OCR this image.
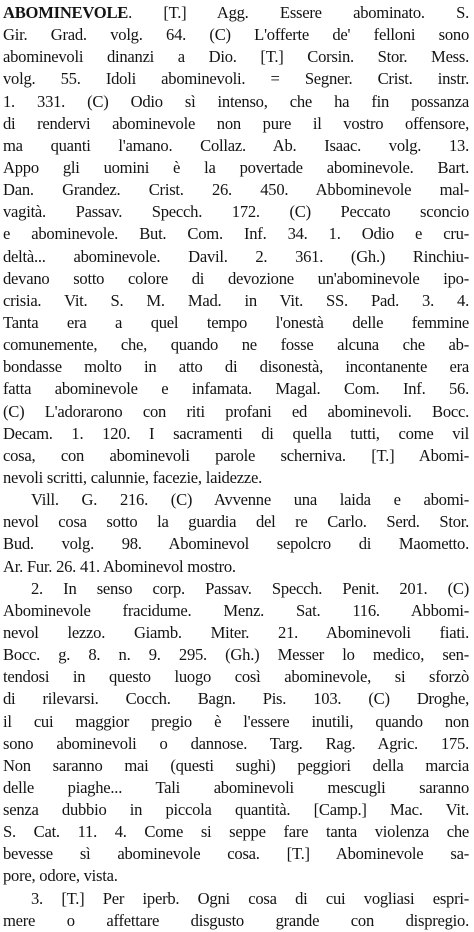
ABOMINEVOLE. [T.] Agg. Essere abominato. S.
Gir. Grad. volg. 64. (C) L'offerte de' felloni sono
abominevoli dinanzi a Dio. [T.] Corsin. Stor. Mess.
volg. 55. Idoli abominevoli. = Segner. Crist. instr.
1. 331. (C) Odio sì intenso, che ha fin possanza
di rendervi abominevole non pure il vostro offensore,
ma quanti l'amano. Collaz. Ab. Isaac. volg. 13.
Appo gli uomini è la povertade abominevole. Bart.
Dan. Grandez. Crist. 26. 450. Abbominevole mal-
vagità. Passav. Specch. 172. (C) Peccato sconcio
e abominevole. But. Com. Inf. 34. 1. Odio e cru-
deltà... abominevole. Davil. 2. 361. (Gh.) Rinchiu-
devano sotto colore di devozione un'abominevole ipo-
crisia. Vit. S. M. Mad. in Vit. SS. Pad. 3. 4.
Tanta era a quel tempo l'onestà delle femmine
comunemente, che, quando ne fosse alcuna che ab-
bondasse molto in atto di disonestà, incontanente era
fatta abominevole e infamata. Magal. Com. Inf. 56.
(C) L'adorarono con riti profani ed abominevoli. Bocc.
Decam. 1. 120. I sacramenti di quella tutti, come vil
cosa, con abominevoli parole scherniva. [T.] Abomi-
nevoli scritti, calunnie, facezie, laidezze.
Vill. G. 216. (C) Avvenne una laida e abomi-
nevol cosa sotto la guardia del re Carlo. Serd. Stor.
Bud. volg. 98. Abominevol sepolcro di Maometto.
Ar. Fur. 26. 41. Abominevol mostro.
2. In senso corp. Passav. Specch. Penit. 201. (C)
Abominevole fracidume. Menz. Sat. 116. Abbomi-
nevol lezzo. Giamb. Miter. 21. Abominevoli fiati.
Bocc. g. 8. n. 9. 295. (Gh.) Messer lo medico, sen-
tendosi in questo luogo così abominevole, si sforzò
di rilevarsi. Cocch. Bagn. Pis. 103. (C) Droghe,
il cui maggior pregio è l'essere inutili, quando non
sono abominevoli o dannose. Targ. Rag. Agric. 175.
Non saranno mai (questi sughi) peggiori della marcia
delle piaghe... Tali abominevoli mescugli saranno
senza dubbio in piccola quantità. [Camp.] Mac. Vit.
S. Cat. 11. 4. Come si seppe fare tanta violenza che
bevesse sì abominevole cosa. [T.] Abominevole sa-
pore, odore, vista.
3. [T.] Per iperb. Ogni cosa di cui vogliasi espri-
mere o affettare disgusto grande con dispregio.
